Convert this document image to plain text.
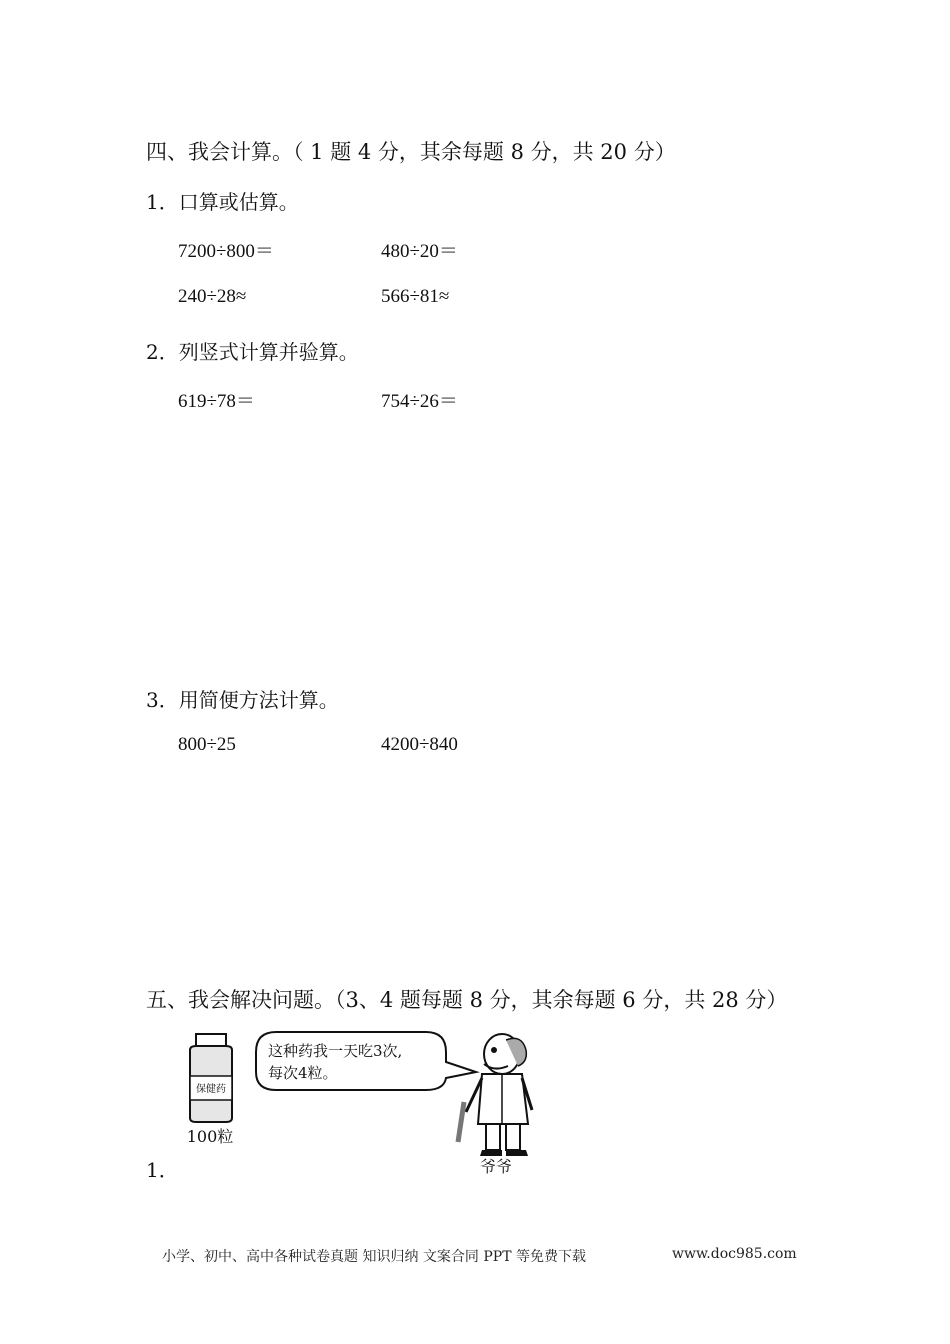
四、我会计算。（ 1 题 4 分，其余每题 8 分，共 20 分）
1．口算或估算。
7200÷800＝	480÷20＝
240÷28≈	566÷81≈
2．列竖式计算并验算。
619÷78＝	754÷26＝
3．用简便方法计算。
800÷25	4200÷840
五、我会解决问题。（3、4 题每题 8 分，其余每题 6 分，共 28 分）
保健药
100粒
这种药我一天吃3次,
每次4粒。
爷爷
1．
小学、初中、高中各种试卷真题 知识归纳 文案合同 PPT 等免费下载	www.doc985.com
